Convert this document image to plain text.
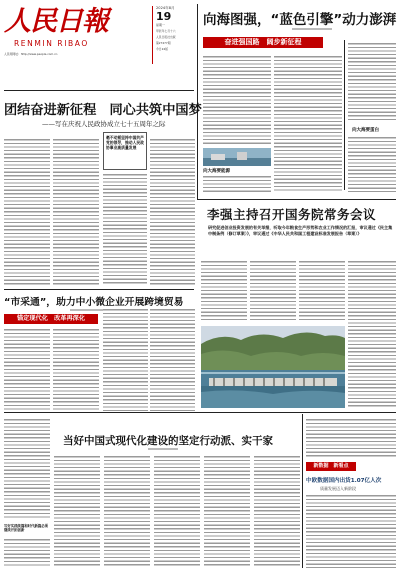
人民日報
RENMIN RIBAO
人民网网址：http://www.people.com.cn
2024年8月
19
星期一
甲辰年七月十六
人民日报社出版
第27477期
今日24版
向海图强，“蓝色引擎”动力澎湃
奋进强国路　阔步新征程
向大海要能源
向大海要蛋白
团结奋进新征程　同心共筑中国梦
——写在庆祝人民政协成立七十五周年之际
毫不动摇坚持中国共产党的领导，推动人民政协事业高质量发展
“市采通”，助力中小微企业开展跨境贸易
锚定现代化　改革再深化
李强主持召开国务院常务会议
研究促进创业投资发展的有关举措，听取今年粮食生产形势和农业工作情况的汇报，审议通过《民主集中制条例（修订草案）》，审议通过《中华人民共和国工程建设标准发展报告（草案）》
写好实践续篇和时代新篇必须继续开拓创新
当好中国式现代化建设的坚定行动派、实干家
新数据　新看点
中欧数据国内出货1.07亿人次
质量发展迈入新阶段
